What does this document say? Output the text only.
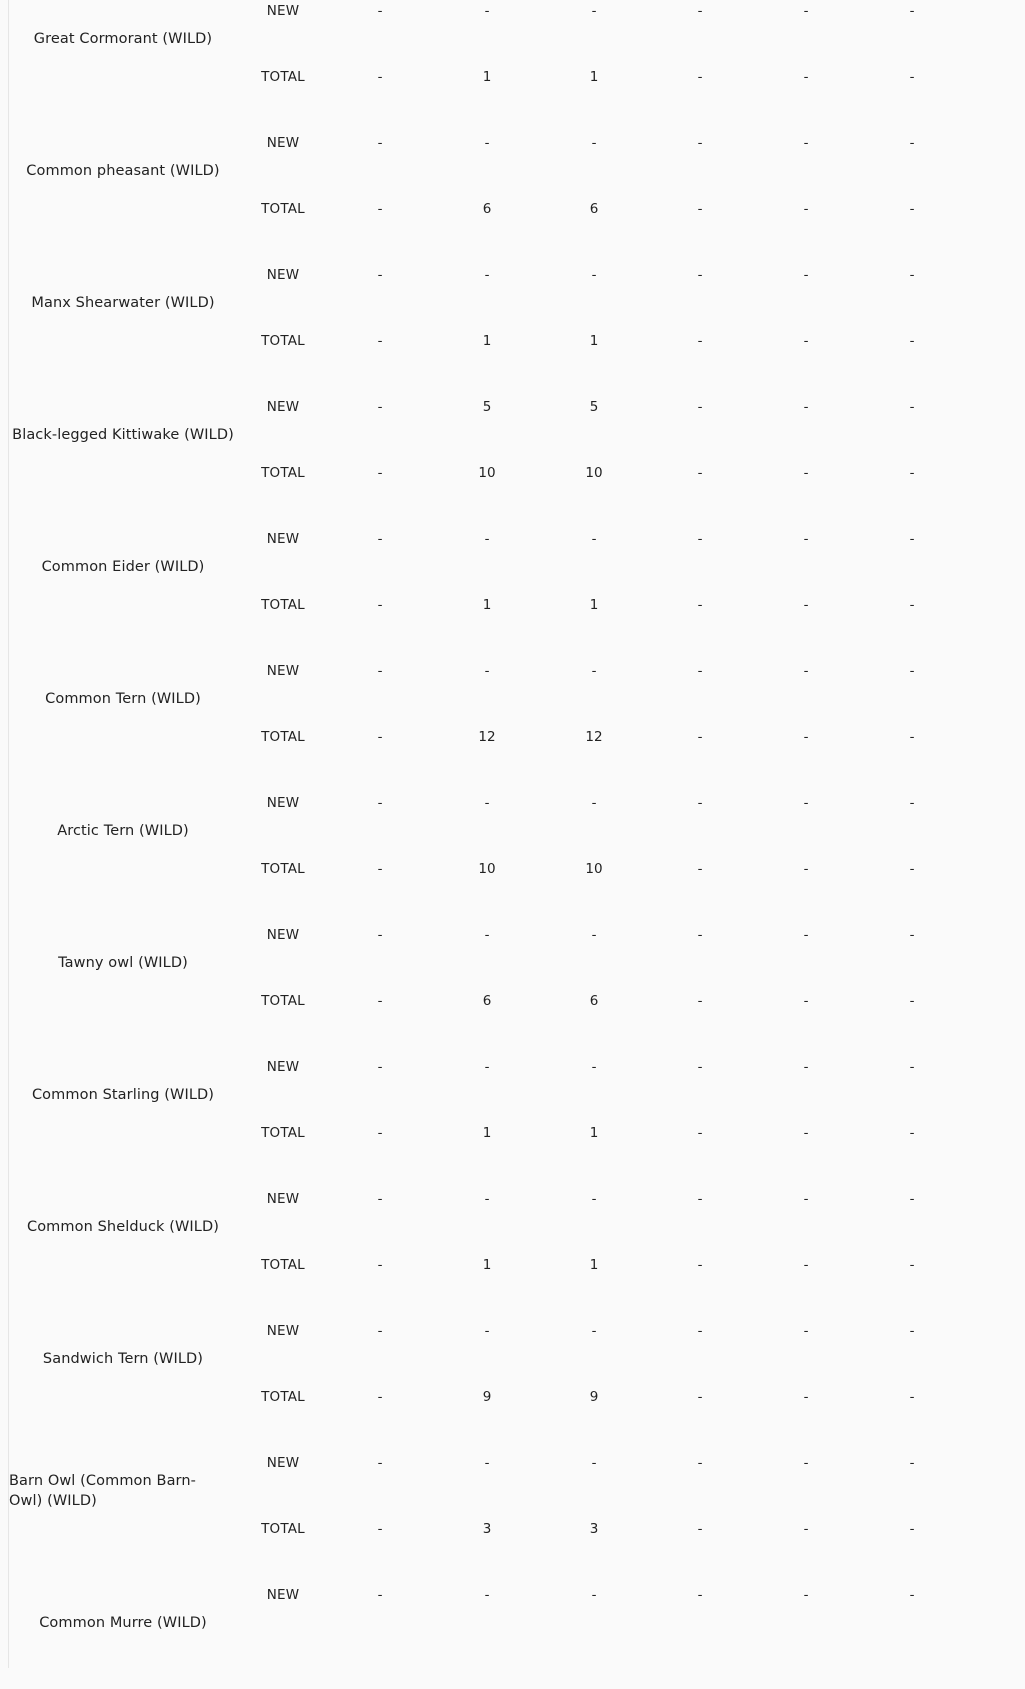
Great Cormorant (WILD)
NEW	-	-	-	-	-	-
TOTAL	-	1	1	-	-	-
Common pheasant (WILD)
NEW	-	-	-	-	-	-
TOTAL	-	6	6	-	-	-
Manx Shearwater (WILD)
NEW	-	-	-	-	-	-
TOTAL	-	1	1	-	-	-
Black-legged Kittiwake (WILD)
NEW	-	5	5	-	-	-
TOTAL	-	10	10	-	-	-
Common Eider (WILD)
NEW	-	-	-	-	-	-
TOTAL	-	1	1	-	-	-
Common Tern (WILD)
NEW	-	-	-	-	-	-
TOTAL	-	12	12	-	-	-
Arctic Tern (WILD)
NEW	-	-	-	-	-	-
TOTAL	-	10	10	-	-	-
Tawny owl (WILD)
NEW	-	-	-	-	-	-
TOTAL	-	6	6	-	-	-
Common Starling (WILD)
NEW	-	-	-	-	-	-
TOTAL	-	1	1	-	-	-
Common Shelduck (WILD)
NEW	-	-	-	-	-	-
TOTAL	-	1	1	-	-	-
Sandwich Tern (WILD)
NEW	-	-	-	-	-	-
TOTAL	-	9	9	-	-	-
Barn Owl (Common Barn-Owl) (WILD)
NEW	-	-	-	-	-	-
TOTAL	-	3	3	-	-	-
Common Murre (WILD)
NEW	-	-	-	-	-	-
